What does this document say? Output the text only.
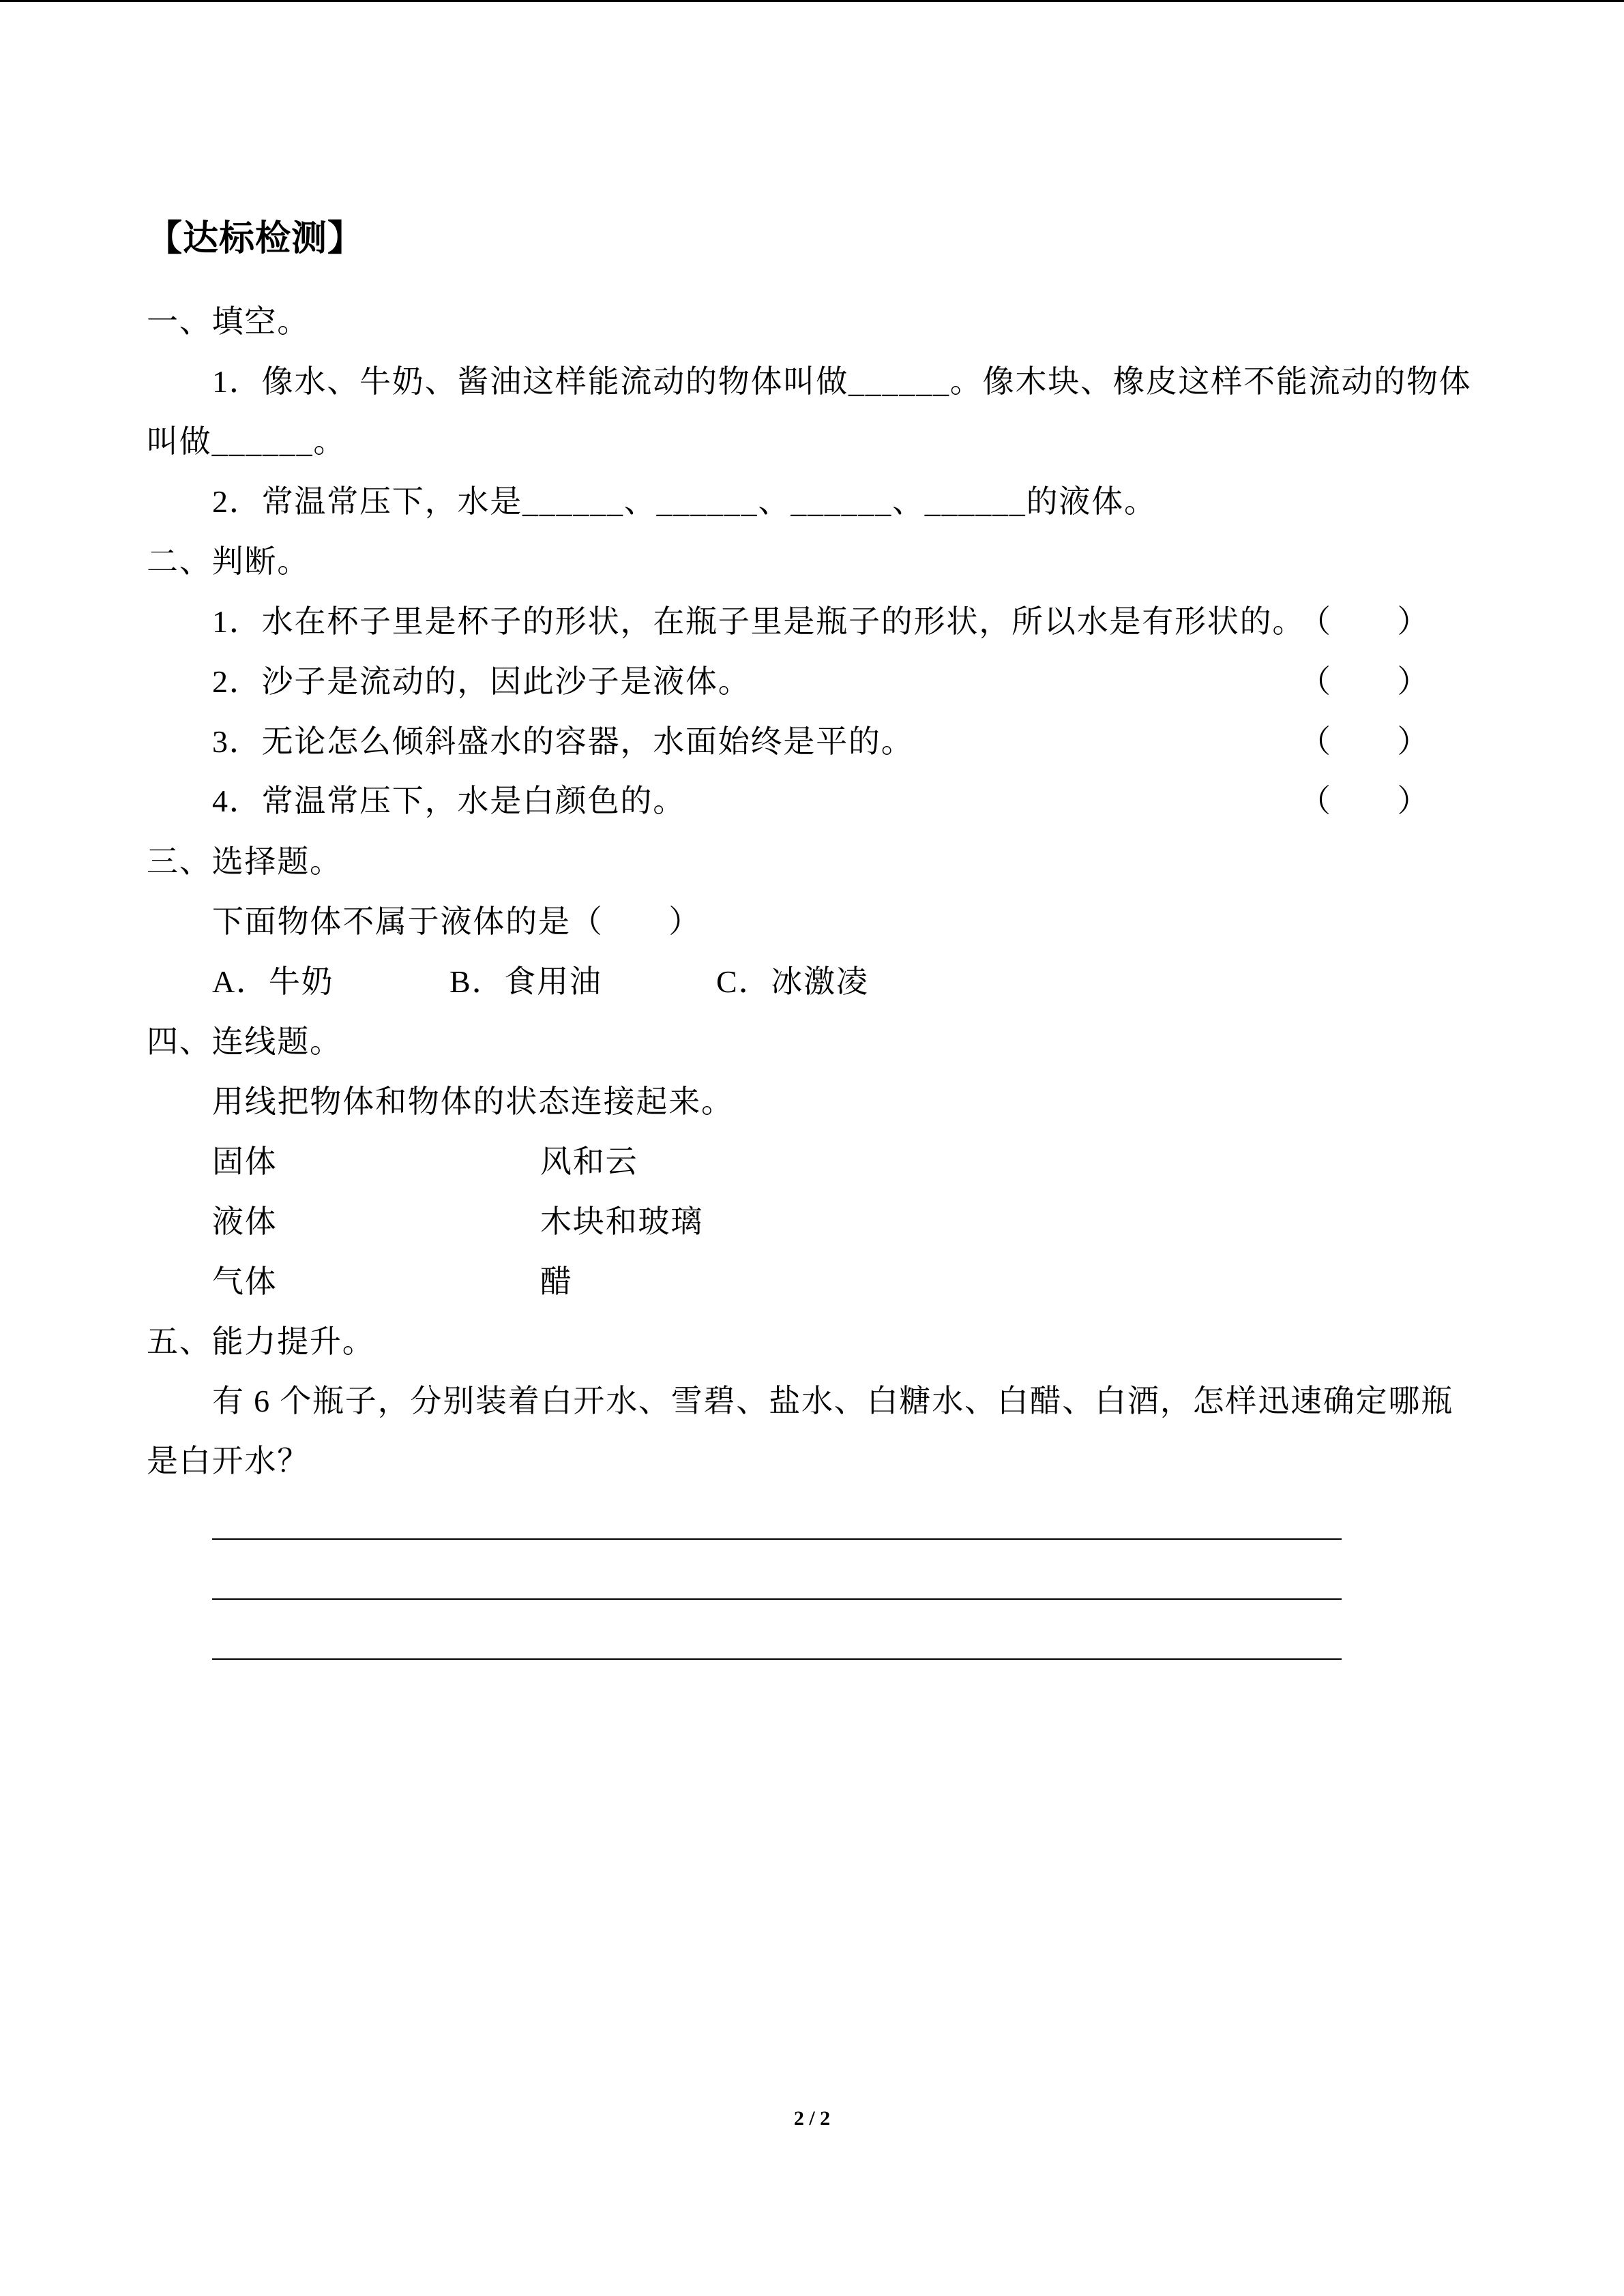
【达标检测】
一、填空。
1．像水、牛奶、酱油这样能流动的物体叫做______。像木块、橡皮这样不能流动的物体
叫做______。
2．常温常压下，水是______、______、______、______的液体。
二、判断。
1．水在杯子里是杯子的形状，在瓶子里是瓶子的形状，所以水是有形状的。
（　　）
2．沙子是流动的，因此沙子是液体。	（　　）
3．无论怎么倾斜盛水的容器，水面始终是平的。	（　　）
4．常温常压下，水是白颜色的。	（　　）
三、选择题。
下面物体不属于液体的是（　　）
A．牛奶	B．食用油	C．冰激凌
四、连线题。
用线把物体和物体的状态连接起来。
固体	风和云
液体	木块和玻璃
气体	醋
五、能力提升。
有 6 个瓶子，分别装着白开水、雪碧、盐水、白糖水、白醋、白酒，怎样迅速确定哪瓶
是白开水？
2 / 2
